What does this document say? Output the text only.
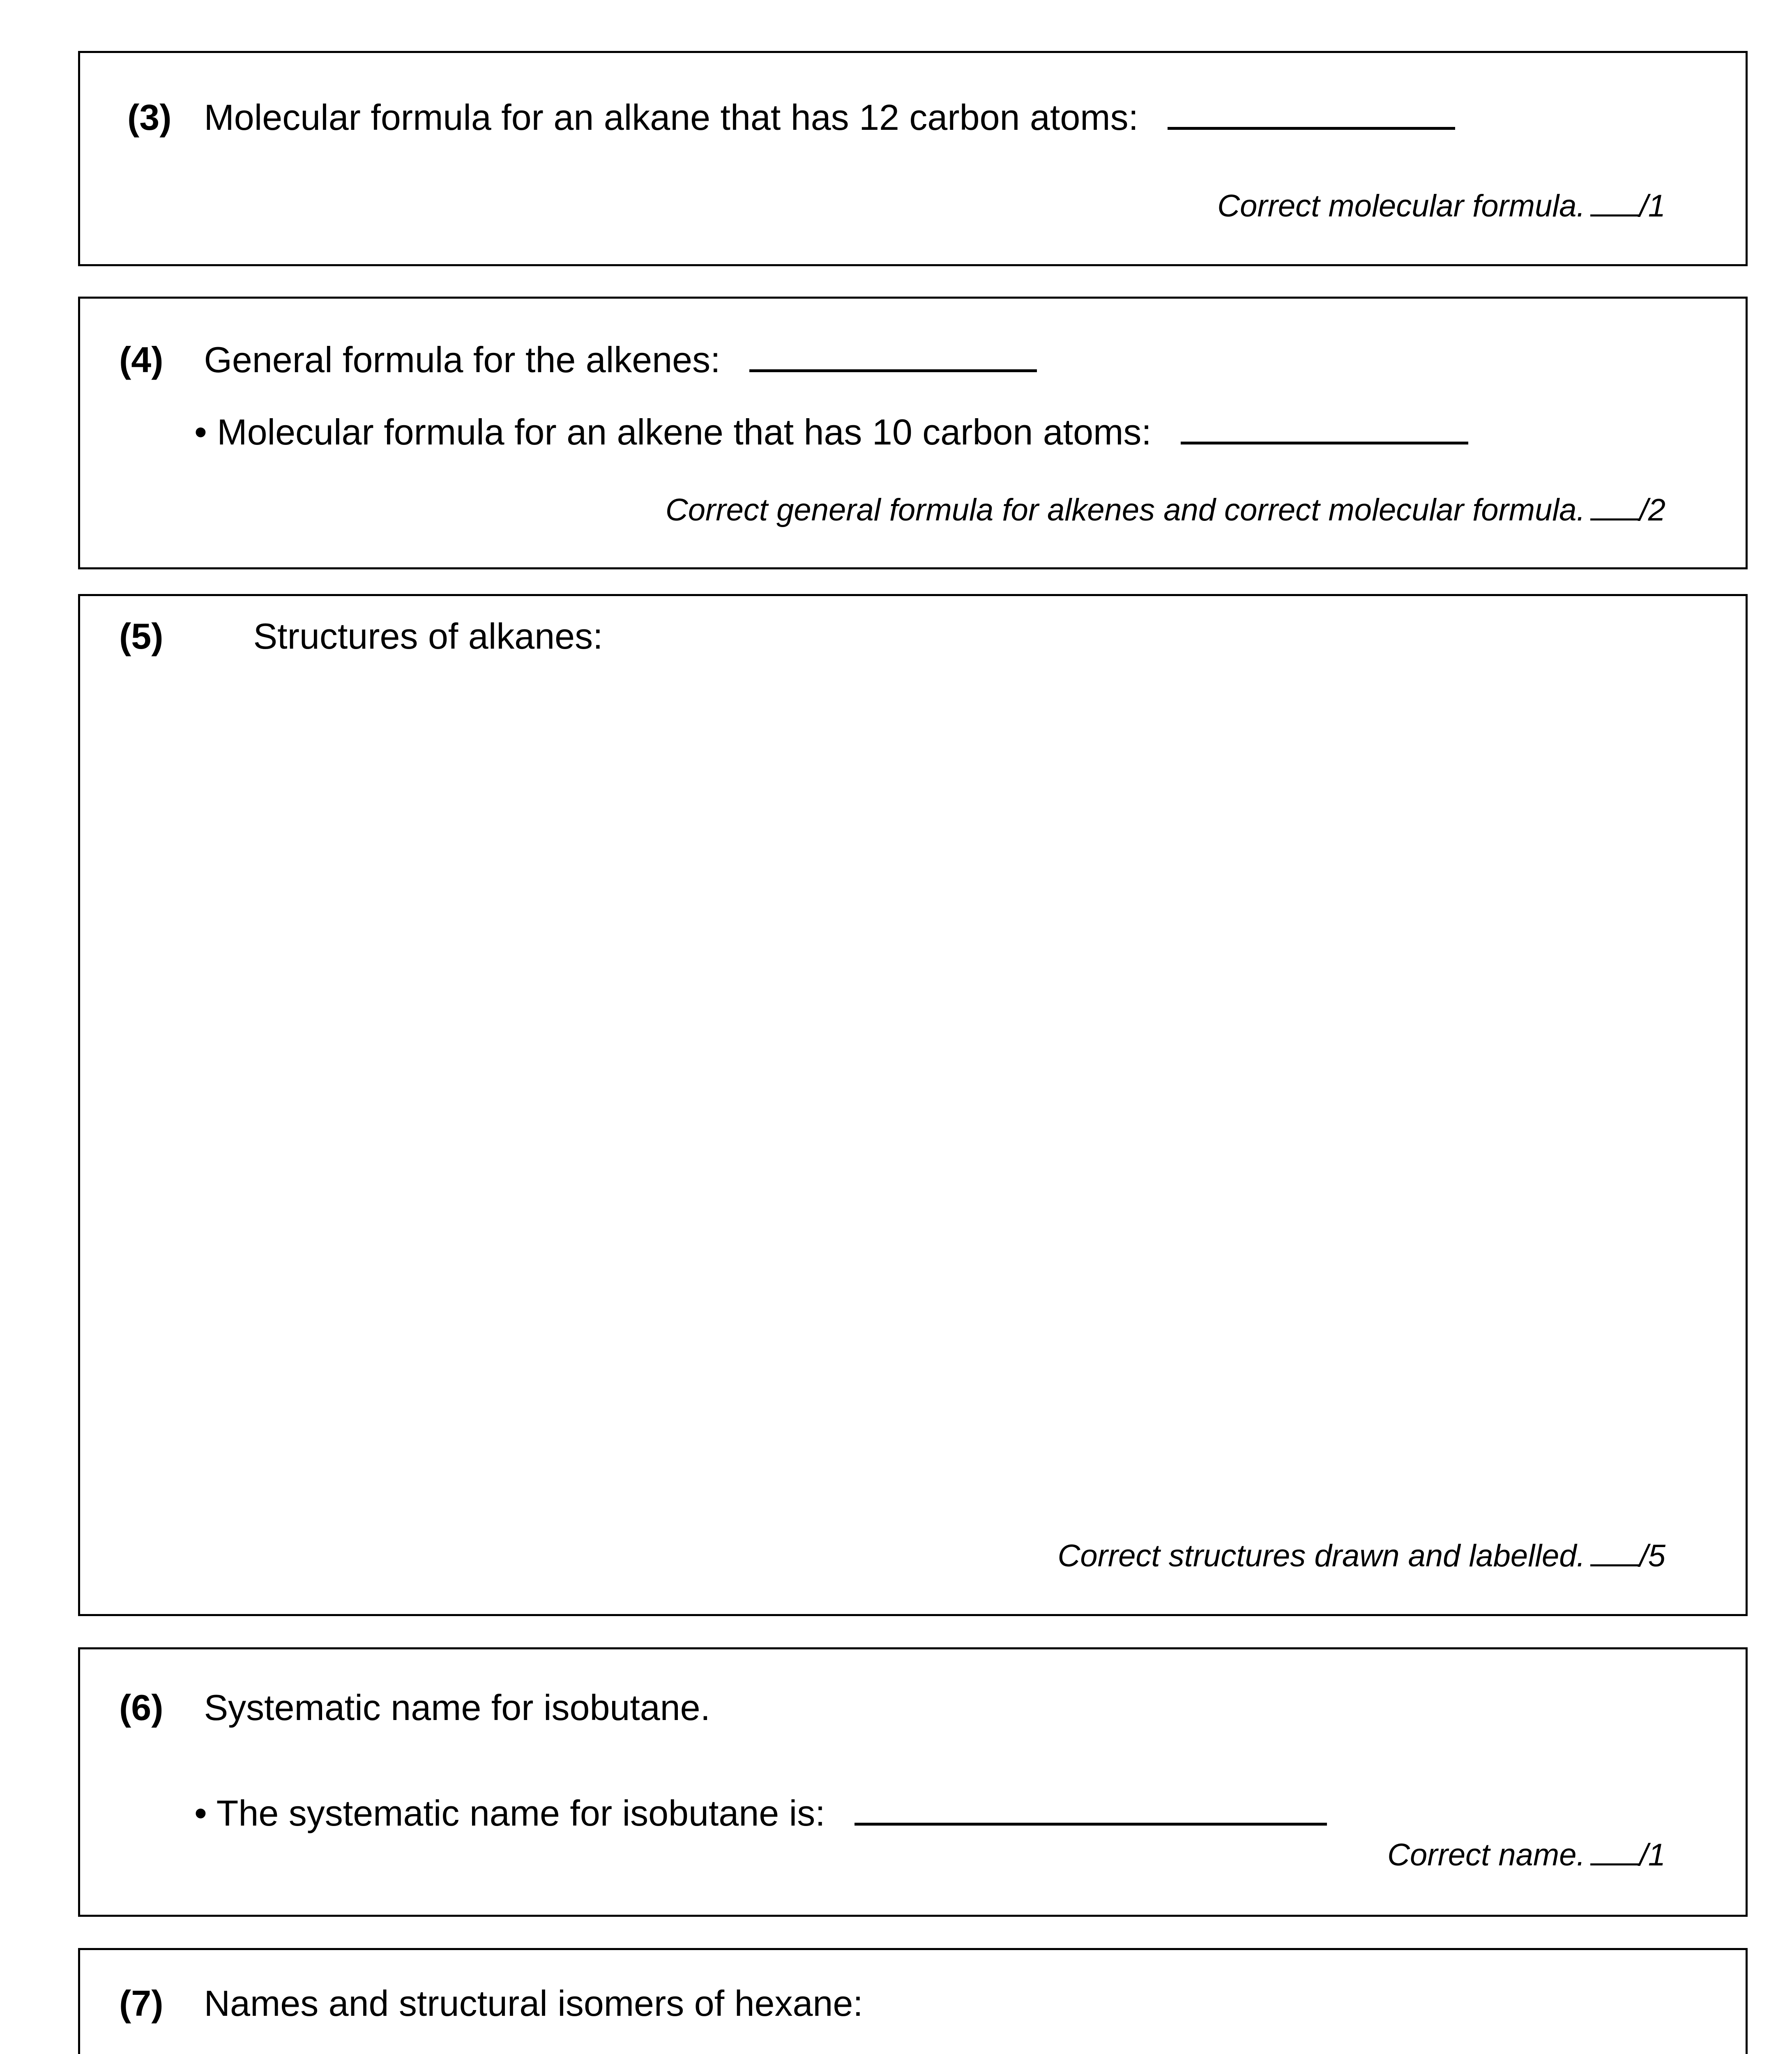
(3) Molecular formula for an alkane that has 12 carbon atoms:
Correct molecular formula. /1
(4) General formula for the alkenes:
• Molecular formula for an alkene that has 10 carbon atoms:
Correct general formula for alkenes and correct molecular formula. /2
(5) Structures of alkanes:
Correct structures drawn and labelled. /5
(6) Systematic name for isobutane.
• The systematic name for isobutane is:
Correct name. /1
(7) Names and structural isomers of hexane:
